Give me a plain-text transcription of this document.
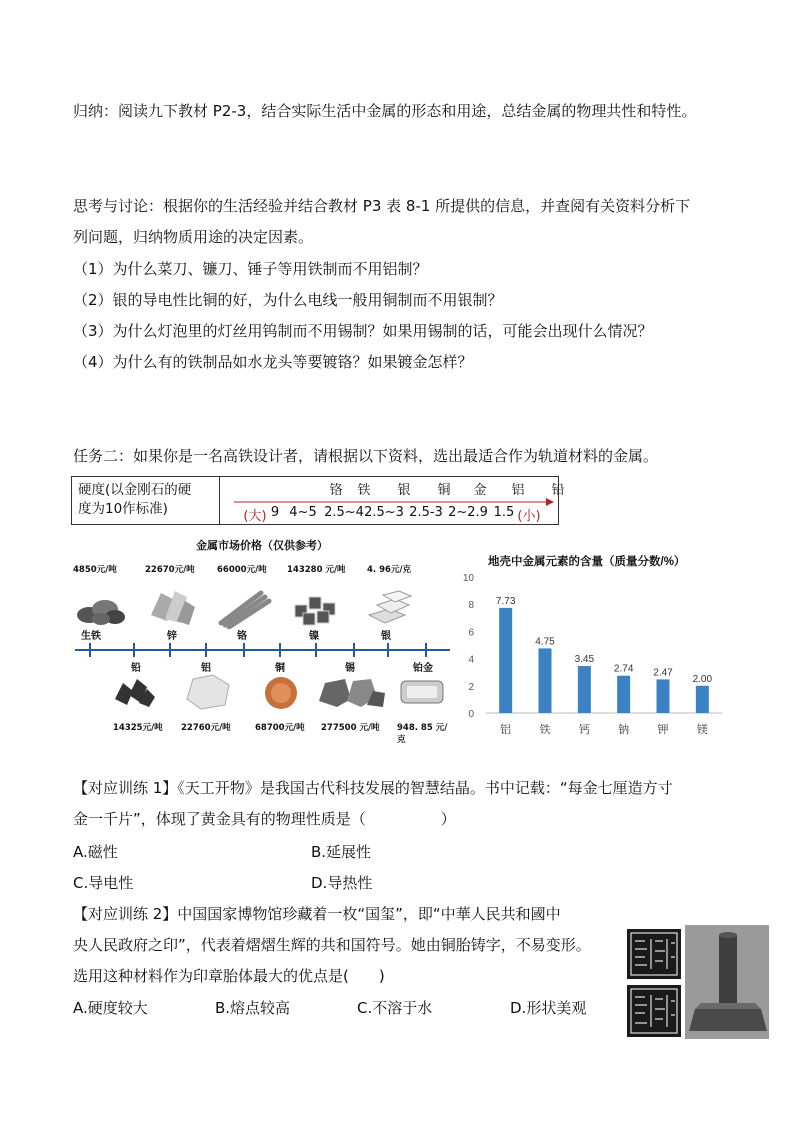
归纳：阅读九下教材 P2-3，结合实际生活中金属的形态和用途，总结金属的物理共性和特性。
思考与讨论：根据你的生活经验并结合教材 P3 表 8-1 所提供的信息，并查阅有关资料分析下
列问题，归纳物质用途的决定因素。
（1）为什么菜刀、镰刀、锤子等用铁制而不用铝制？
（2）银的导电性比铜的好，为什么电线一般用铜制而不用银制？
（3）为什么灯泡里的灯丝用钨制而不用锡制？如果用锡制的话，可能会出现什么情况？
（4）为什么有的铁制品如水龙头等要镀铬？如果镀金怎样？
任务二：如果你是一名高铁设计者，请根据以下资料，选出最适合作为轨道材料的金属。
硬度(以金刚石的硬
度为10作标准)
铬 铁 银 铜 金 铝 铅
(大) 9 4~5 2.5~4 2.5~3 2.5-3 2~2.9 1.5 (小)
金属市场价格（仅供参考）
4850元/吨	22670元/吨	66000元/吨 143280 元/吨	4. 96元/克
生铁	锌	铬	镍	银
铅	铝	铜	锡	铂金
14325元/吨 22760元/吨	68700元/吨 277500 元/吨 948. 85 元/克
地壳中金属元素的含量（质量分数/%）
0
2
4
6
8
10
7.73
铝
4.75
铁
3.45
钙
2.74
钠
2.47
钾
2.00
镁
【对应训练 1】《天工开物》是我国古代科技发展的智慧结晶。书中记载：“每金七厘造方寸
金一千片”，体现了黄金具有的物理性质是（　　　　　）
A.磁性	B.延展性
C.导电性	D.导热性
【对应训练 2】中国国家博物馆珍藏着一枚“国玺”，即“中華人民共和國中
央人民政府之印”，代表着熠熠生辉的共和国符号。她由铜胎铸字，不易变形。
选用这种材料作为印章胎体最大的优点是(　　)
A.硬度较大	B.熔点较高	C.不溶于水	D.形状美观
